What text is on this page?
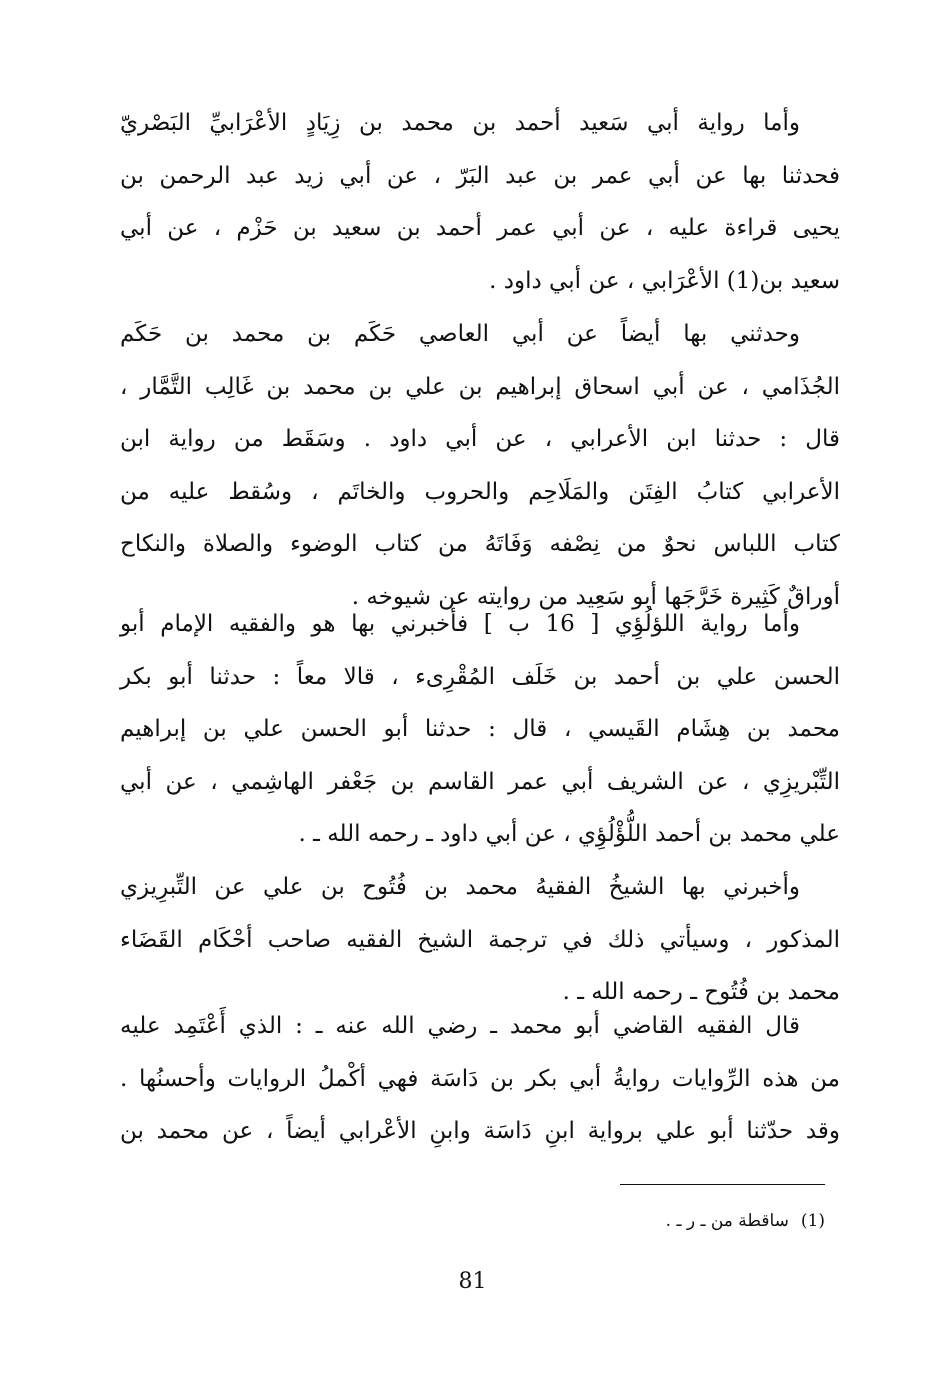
وأما رواية أبي سَعيد أحمد بن محمد بن زِيَادٍ الأعْرَابيِّ البَصْريّ
فحدثنا بها عن أبي عمر بن عبد البَرّ ، عن أبي زيد عبد الرحمن بن
يحيى قراءة عليه ، عن أبي عمر أحمد بن سعيد بن حَزْم ، عن أبي
سعيد بن(1) الأعْرَابي ، عن أبي داود .
وحدثني بها أيضاً عن أبي العاصي حَكَم بن محمد بن حَكَم
الجُذَامي ، عن أبي اسحاق إبراهيم بن علي بن محمد بن غَالِب التَّمَّار ،
قال : حدثنا ابن الأعرابي ، عن أبي داود . وسَقَط من رواية ابن
الأعرابي كتابُ الفِتَن والمَلَاحِم والحروب والخاتَم ، وسُقط عليه من
كتاب اللباس نحوٌ من نِصْفه وَفَاتَهُ من كتاب الوضوء والصلاة والنكاح
أوراقٌ كَثِيرة خَرَّجَها أبو سَعِيد من روايته عن شيوخه .
وأما رواية اللؤلُؤِي [ 16 ب ] فأخبرني بها هو والفقيه الإمام أبو
الحسن علي بن أحمد بن خَلَف المُقْرِىء ، قالا معاً : حدثنا أبو بكر
محمد بن هِشَام القَيسي ، قال : حدثنا أبو الحسن علي بن إبراهيم
التِّبْريزِي ، عن الشريف أبي عمر القاسم بن جَعْفر الهاشِمي ، عن أبي
علي محمد بن أحمد اللُّؤْلُؤِي ، عن أبي داود ـ رحمه الله ـ .
وأخبرني بها الشيخُ الفقيهُ محمد بن فُتُوح بن علي عن التِّبرِيزي
المذكور ، وسيأتي ذلك في ترجمة الشيخ الفقيه صاحب أحْكَام القَضَاء
محمد بن فُتُوح ـ رحمه الله ـ .
قال الفقيه القاضي أبو محمد ـ رضي الله عنه ـ : الذي أَعْتَمِد عليه
من هذه الرِّوايات روايةُ أبي بكر بن دَاسَة فهي أكْملُ الروايات وأحسنُها .
وقد حدّثنا أبو علي برواية ابنِ دَاسَة وابنِ الأعْرابي أيضاً ، عن محمد بن
(1)ساقطة من ـ ر ـ .
81
